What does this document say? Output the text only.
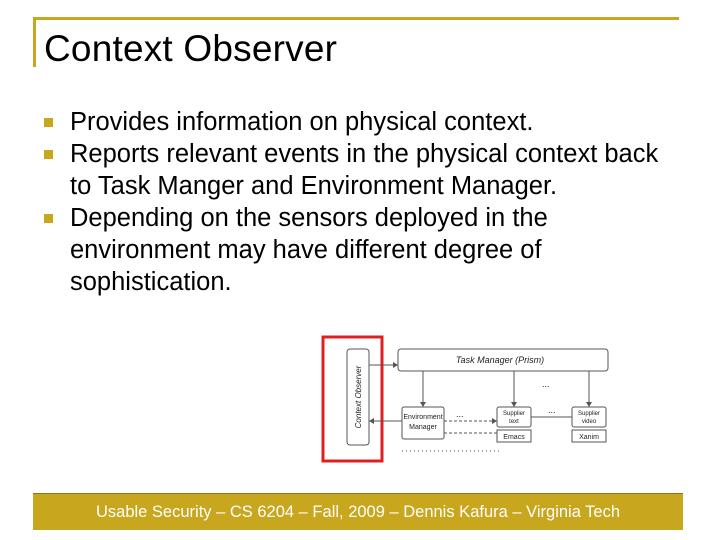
Context Observer
Provides information on physical context.
Reports relevant events in the physical context back to Task Manger and Environment Manager.
Depending on the sensors deployed in the environment may have different degree of sophistication.
Context Observer
Task Manager (Prism)
Environment
Manager
Supplier
text
Emacs
Supplier
video
Xanim
...
...	...
Usable Security – CS 6204 – Fall, 2009 – Dennis Kafura – Virginia Tech
